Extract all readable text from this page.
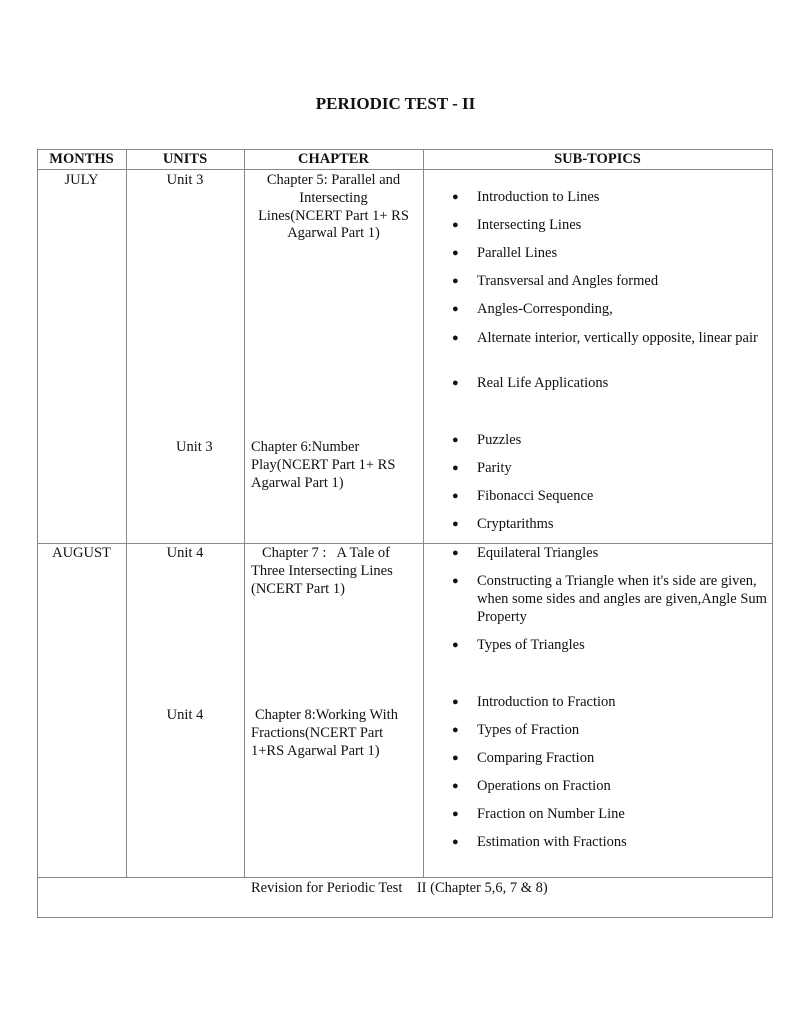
PERIODIC TEST - II
MONTHS	UNITS	CHAPTER	SUB-TOPICS
JULY	Unit 3	Chapter 5: Parallel and
Intersecting
Lines(NCERT Part 1+ RS
Agarwal Part 1)
● Introduction to Lines
● Intersecting Lines
● Parallel Lines
● Transversal and Angles formed
● Angles-Corresponding,
● Alternate interior, vertically opposite, linear pair
● Real Life Applications
Unit 3	Chapter 6:Number
Play(NCERT Part 1+ RS
Agarwal Part 1)
● Puzzles
● Parity
● Fibonacci Sequence
● Cryptarithms
AUGUST	Unit 4	Chapter 7 :   A Tale of
Three Intersecting Lines
(NCERT Part 1)
● Equilateral Triangles
● Constructing a Triangle when it's side are given, when some sides and angles are given,Angle Sum Property
● Types of Triangles
Unit 4	Chapter 8:Working With
Fractions(NCERT Part
1+RS Agarwal Part 1)
● Introduction to Fraction
● Types of Fraction
● Comparing Fraction
● Operations on Fraction
● Fraction on Number Line
● Estimation with Fractions
Revision for Periodic Test    II (Chapter 5,6, 7 & 8)
